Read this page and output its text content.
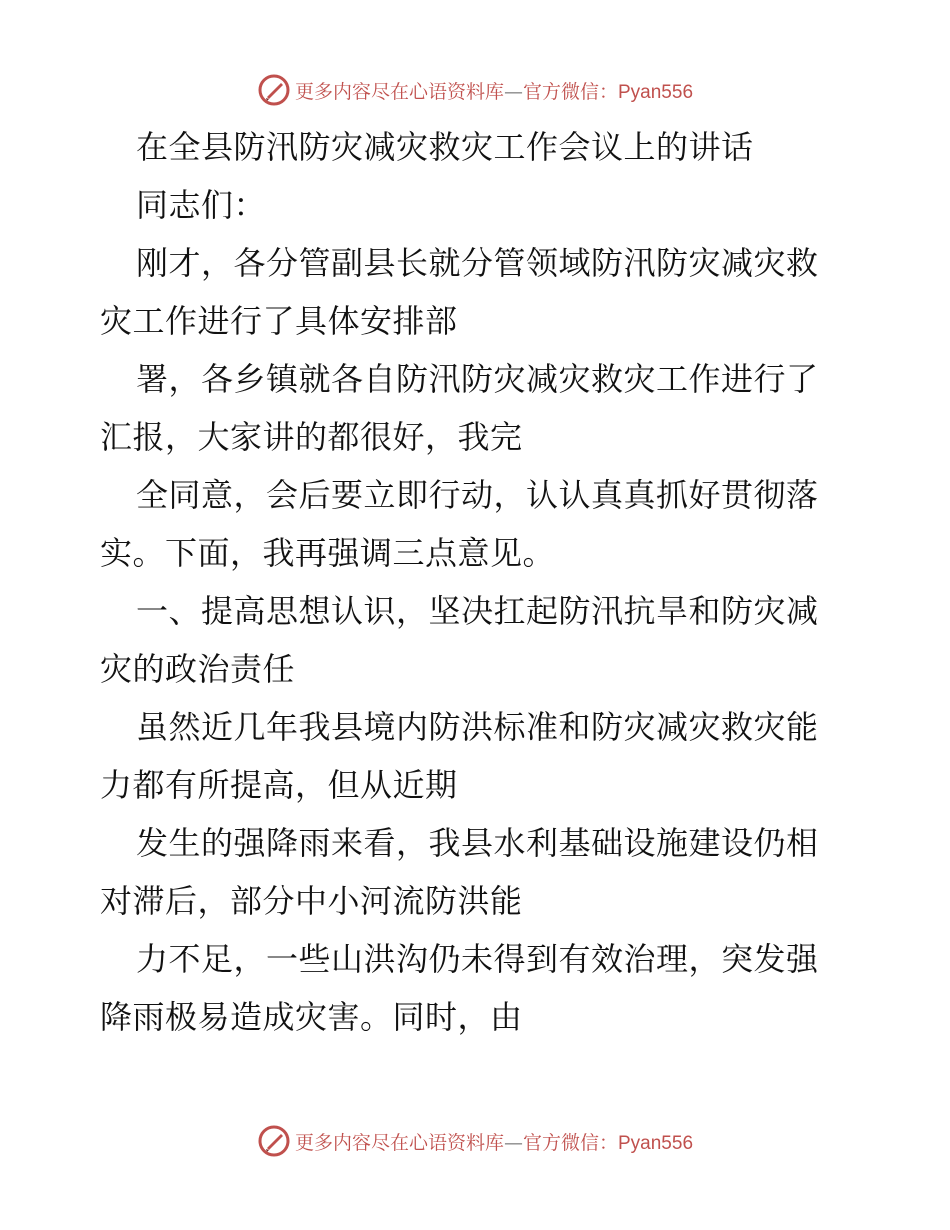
更多内容尽在心语资料库—官方微信：Pyan556
在全县防汛防灾减灾救灾工作会议上的讲话
同志们：
刚才，各分管副县长就分管领域防汛防灾减灾救
灾工作进行了具体安排部
署，各乡镇就各自防汛防灾减灾救灾工作进行了
汇报，大家讲的都很好，我完
全同意，会后要立即行动，认认真真抓好贯彻落
实。下面，我再强调三点意见。
一、提高思想认识，坚决扛起防汛抗旱和防灾减
灾的政治责任
虽然近几年我县境内防洪标准和防灾减灾救灾能
力都有所提高，但从近期
发生的强降雨来看，我县水利基础设施建设仍相
对滞后，部分中小河流防洪能
力不足，一些山洪沟仍未得到有效治理，突发强
降雨极易造成灾害。同时，由
更多内容尽在心语资料库—官方微信：Pyan556
